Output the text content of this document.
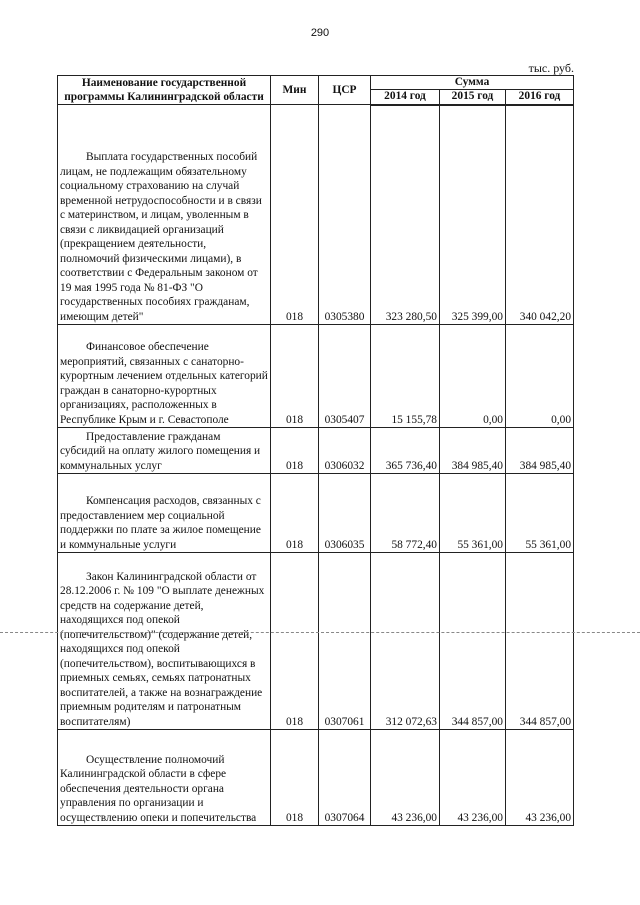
290
тыс. руб.
Наименование государственной программы Калининградской области	Мин	ЦСР	Сумма		
			2014 год	2015 год	2016 год
Выплата государственных пособий лицам, не подлежащим обязательному социальному страхованию на случай временной нетрудоспособности и в связи с материнством, и лицам, уволенным в связи с ликвидацией организаций (прекращением деятельности, полномочий физическими лицами), в соответствии с Федеральным законом от 19 мая 1995 года № 81-ФЗ "О государственных пособиях гражданам, имеющим детей"	018	0305380	323 280,50	325 399,00	340 042,20
Финансовое обеспечение мероприятий, связанных с санаторно-курортным лечением отдельных категорий граждан в санаторно-курортных организациях, расположенных в Республике Крым и г. Севастополе	018	0305407	15 155,78	0,00	0,00
Предоставление гражданам субсидий на оплату жилого помещения и коммунальных услуг	018	0306032	365 736,40	384 985,40	384 985,40
Компенсация расходов, связанных с предоставлением мер социальной поддержки по плате за жилое помещение и коммунальные услуги	018	0306035	58 772,40	55 361,00	55 361,00
Закон Калининградской области от 28.12.2006 г. № 109 "О выплате денежных средств на содержание детей, находящихся под опекой (попечительством)" (содержание детей, находящихся под опекой (попечительством), воспитывающихся в приемных семьях, семьях патронатных воспитателей, а также на вознаграждение приемным родителям и патронатным воспитателям)	018	0307061	312 072,63	344 857,00	344 857,00
Осуществление полномочий Калининградской области в сфере обеспечения деятельности органа управления по организации и осуществлению опеки и попечительства	018	0307064	43 236,00	43 236,00	43 236,00
